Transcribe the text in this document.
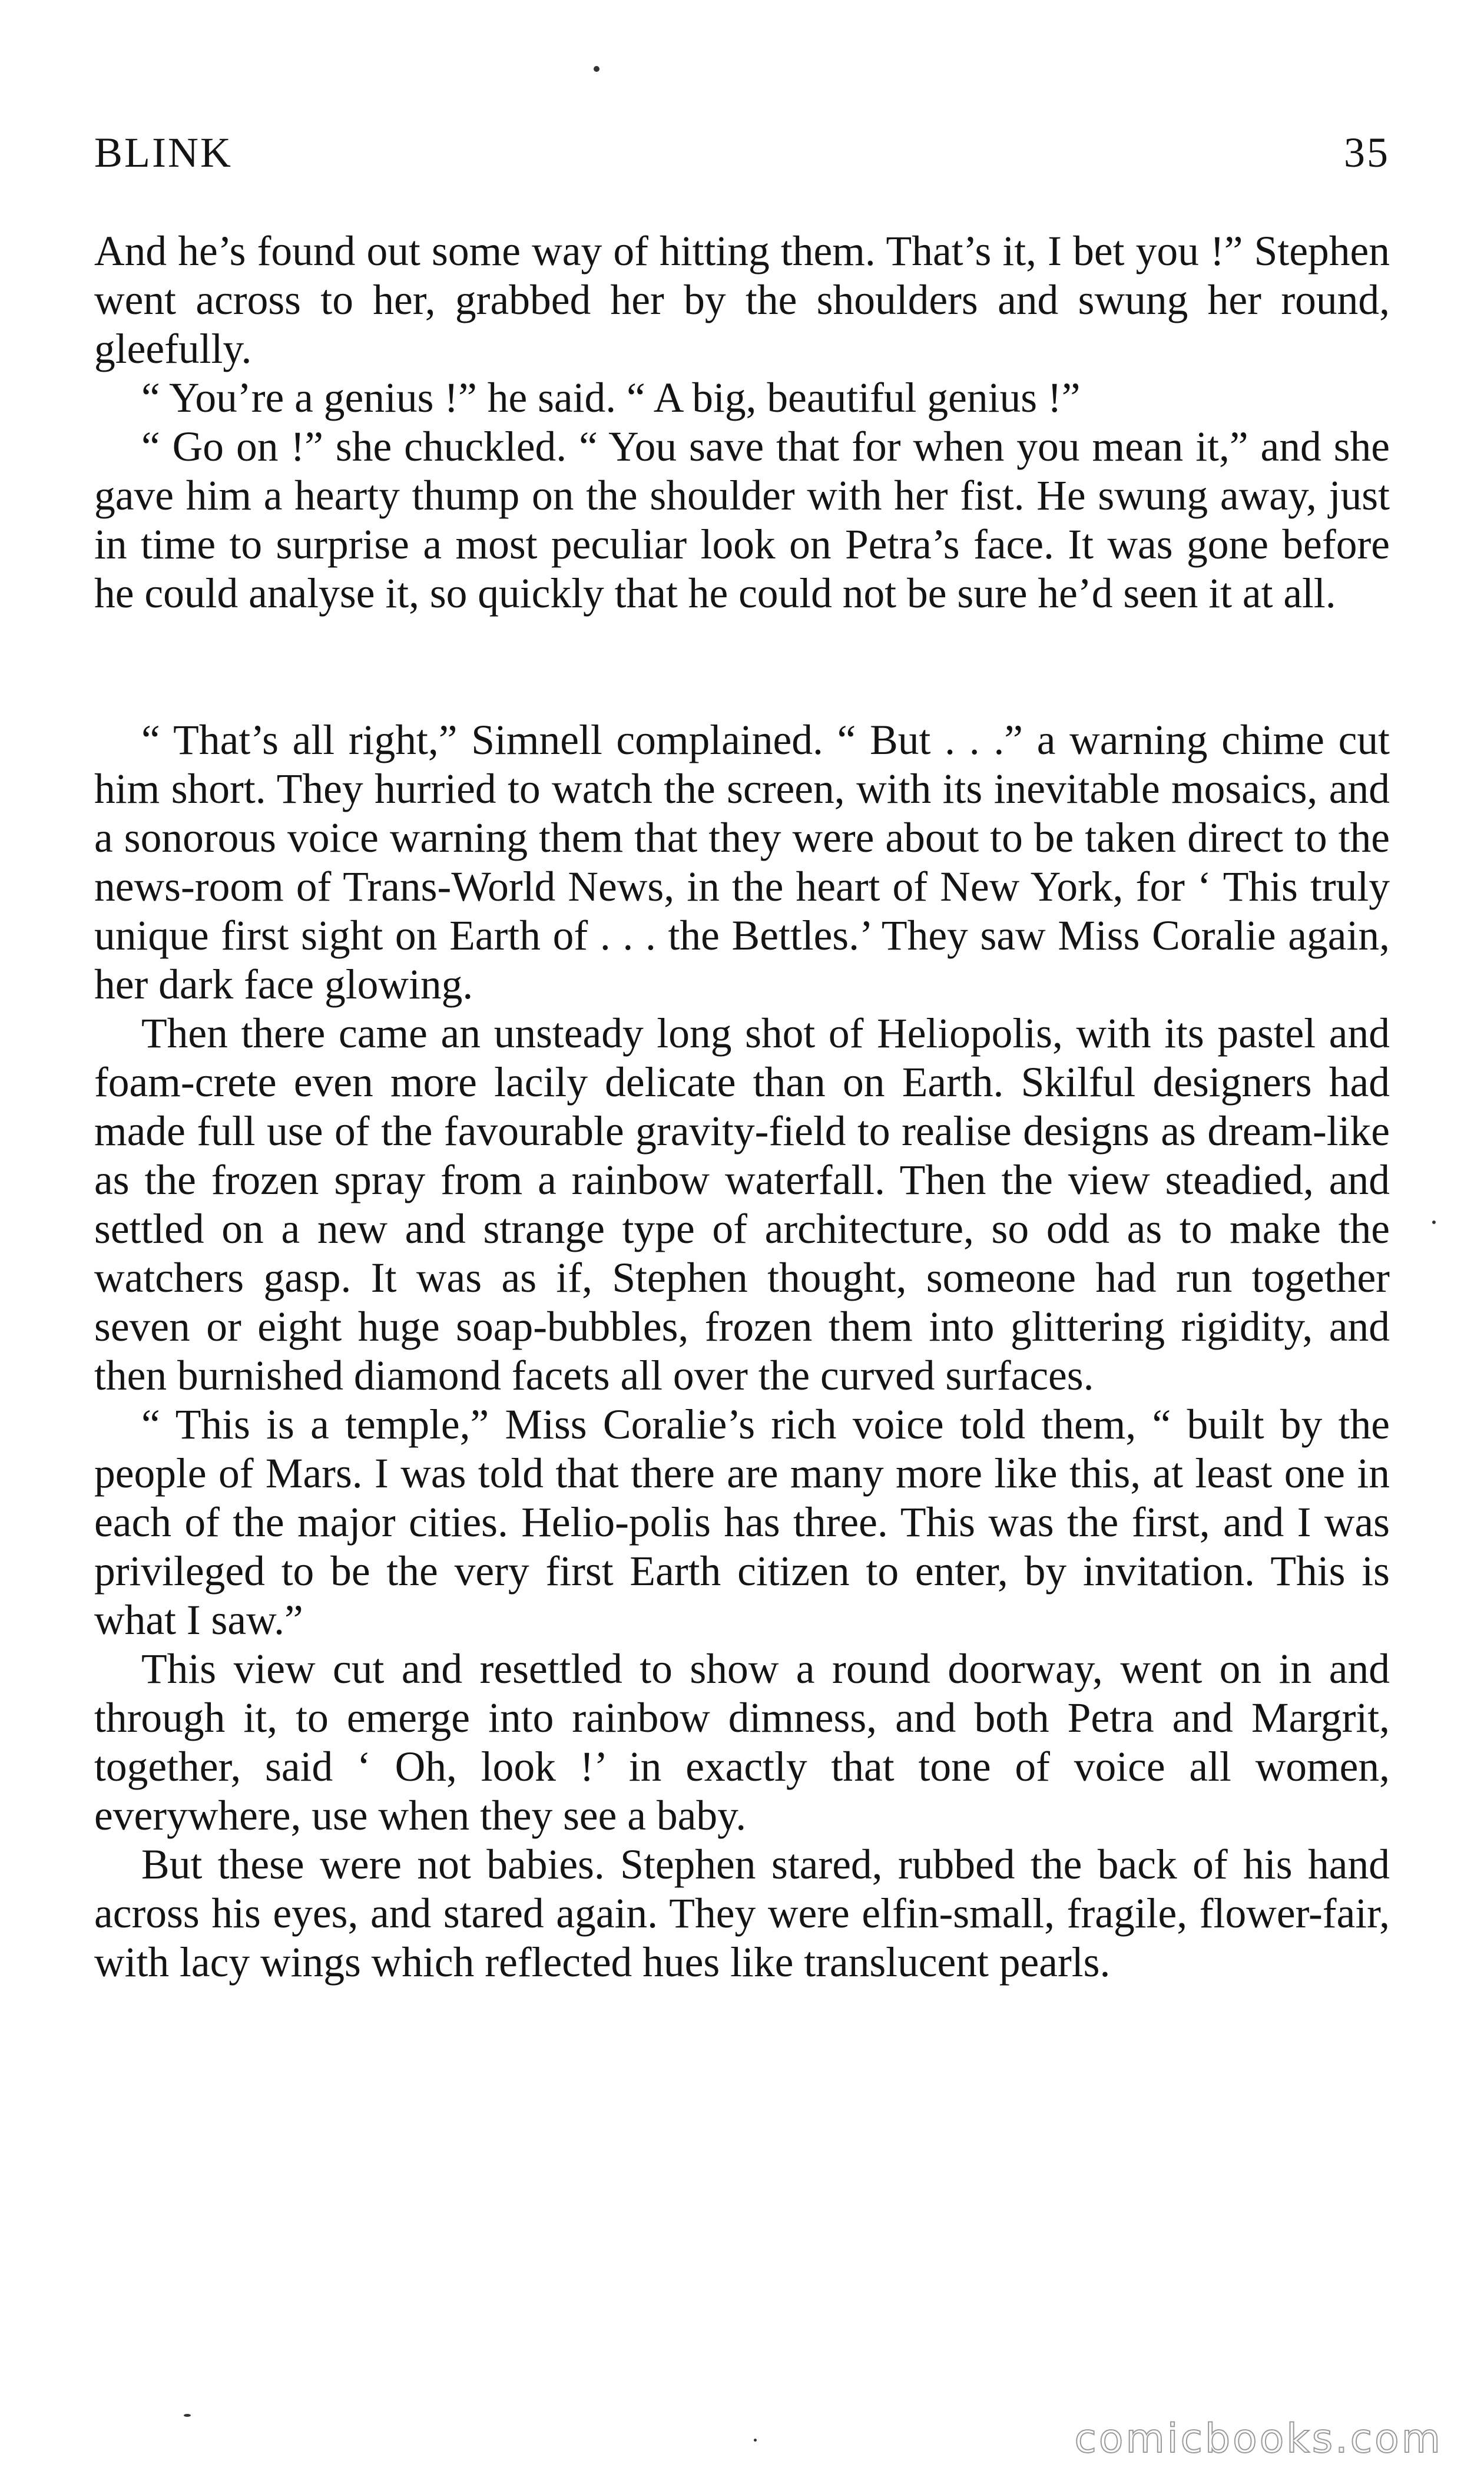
BLINK	35

And he’s found out some way of hitting them. That’s it, I bet you !” Stephen went across to her, grabbed her by the shoulders and swung her round, gleefully.

“ You’re a genius !” he said. “ A big, beautiful genius !”

“ Go on !” she chuckled. “ You save that for when you mean it,” and she gave him a hearty thump on the shoulder with her fist. He swung away, just in time to surprise a most peculiar look on Petra’s face. It was gone before he could analyse it, so quickly that he could not be sure he’d seen it at all.

“ That’s all right,” Simnell complained. “ But . . .” a warning chime cut him short. They hurried to watch the screen, with its inevitable mosaics, and a sonorous voice warning them that they were about to be taken direct to the news-room of Trans-World News, in the heart of New York, for ‘ This truly unique first sight on Earth of . . . the Bettles.’ They saw Miss Coralie again, her dark face glowing.

Then there came an unsteady long shot of Heliopolis, with its pastel and foam-crete even more lacily delicate than on Earth. Skilful designers had made full use of the favourable gravity-field to realise designs as dream-like as the frozen spray from a rainbow waterfall. Then the view steadied, and settled on a new and strange type of architecture, so odd as to make the watchers gasp. It was as if, Stephen thought, someone had run together seven or eight huge soap-bubbles, frozen them into glittering rigidity, and then burnished diamond facets all over the curved surfaces.

“ This is a temple,” Miss Coralie’s rich voice told them, “ built by the people of Mars. I was told that there are many more like this, at least one in each of the major cities. Helio-polis has three. This was the first, and I was privileged to be the very first Earth citizen to enter, by invitation. This is what I saw.”

This view cut and resettled to show a round doorway, went on in and through it, to emerge into rainbow dimness, and both Petra and Margrit, together, said ‘ Oh, look !’ in exactly that tone of voice all women, everywhere, use when they see a baby.

But these were not babies. Stephen stared, rubbed the back of his hand across his eyes, and stared again. They were elfin-small, fragile, flower-fair, with lacy wings which reflected hues like translucent pearls.

comicbooks.com
